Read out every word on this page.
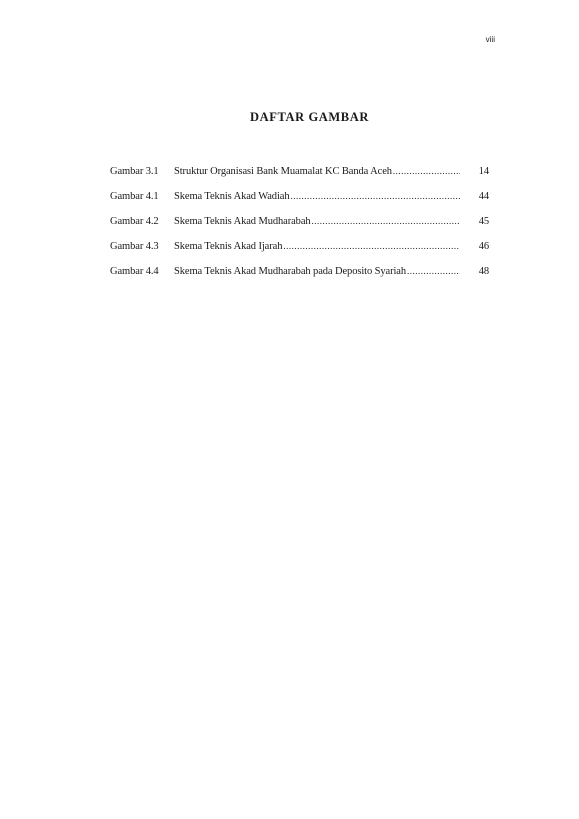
viii
DAFTAR GAMBAR
Gambar 3.1	Struktur Organisasi Bank Muamalat KC Banda Aceh .....	14
Gambar 4.1	Skema Teknis Akad Wadiah .....	44
Gambar 4.2	Skema Teknis Akad Mudharabah .....	45
Gambar 4.3	Skema Teknis Akad Ijarah .....	46
Gambar 4.4	Skema Teknis Akad Mudharabah pada Deposito Syariah .....	48
